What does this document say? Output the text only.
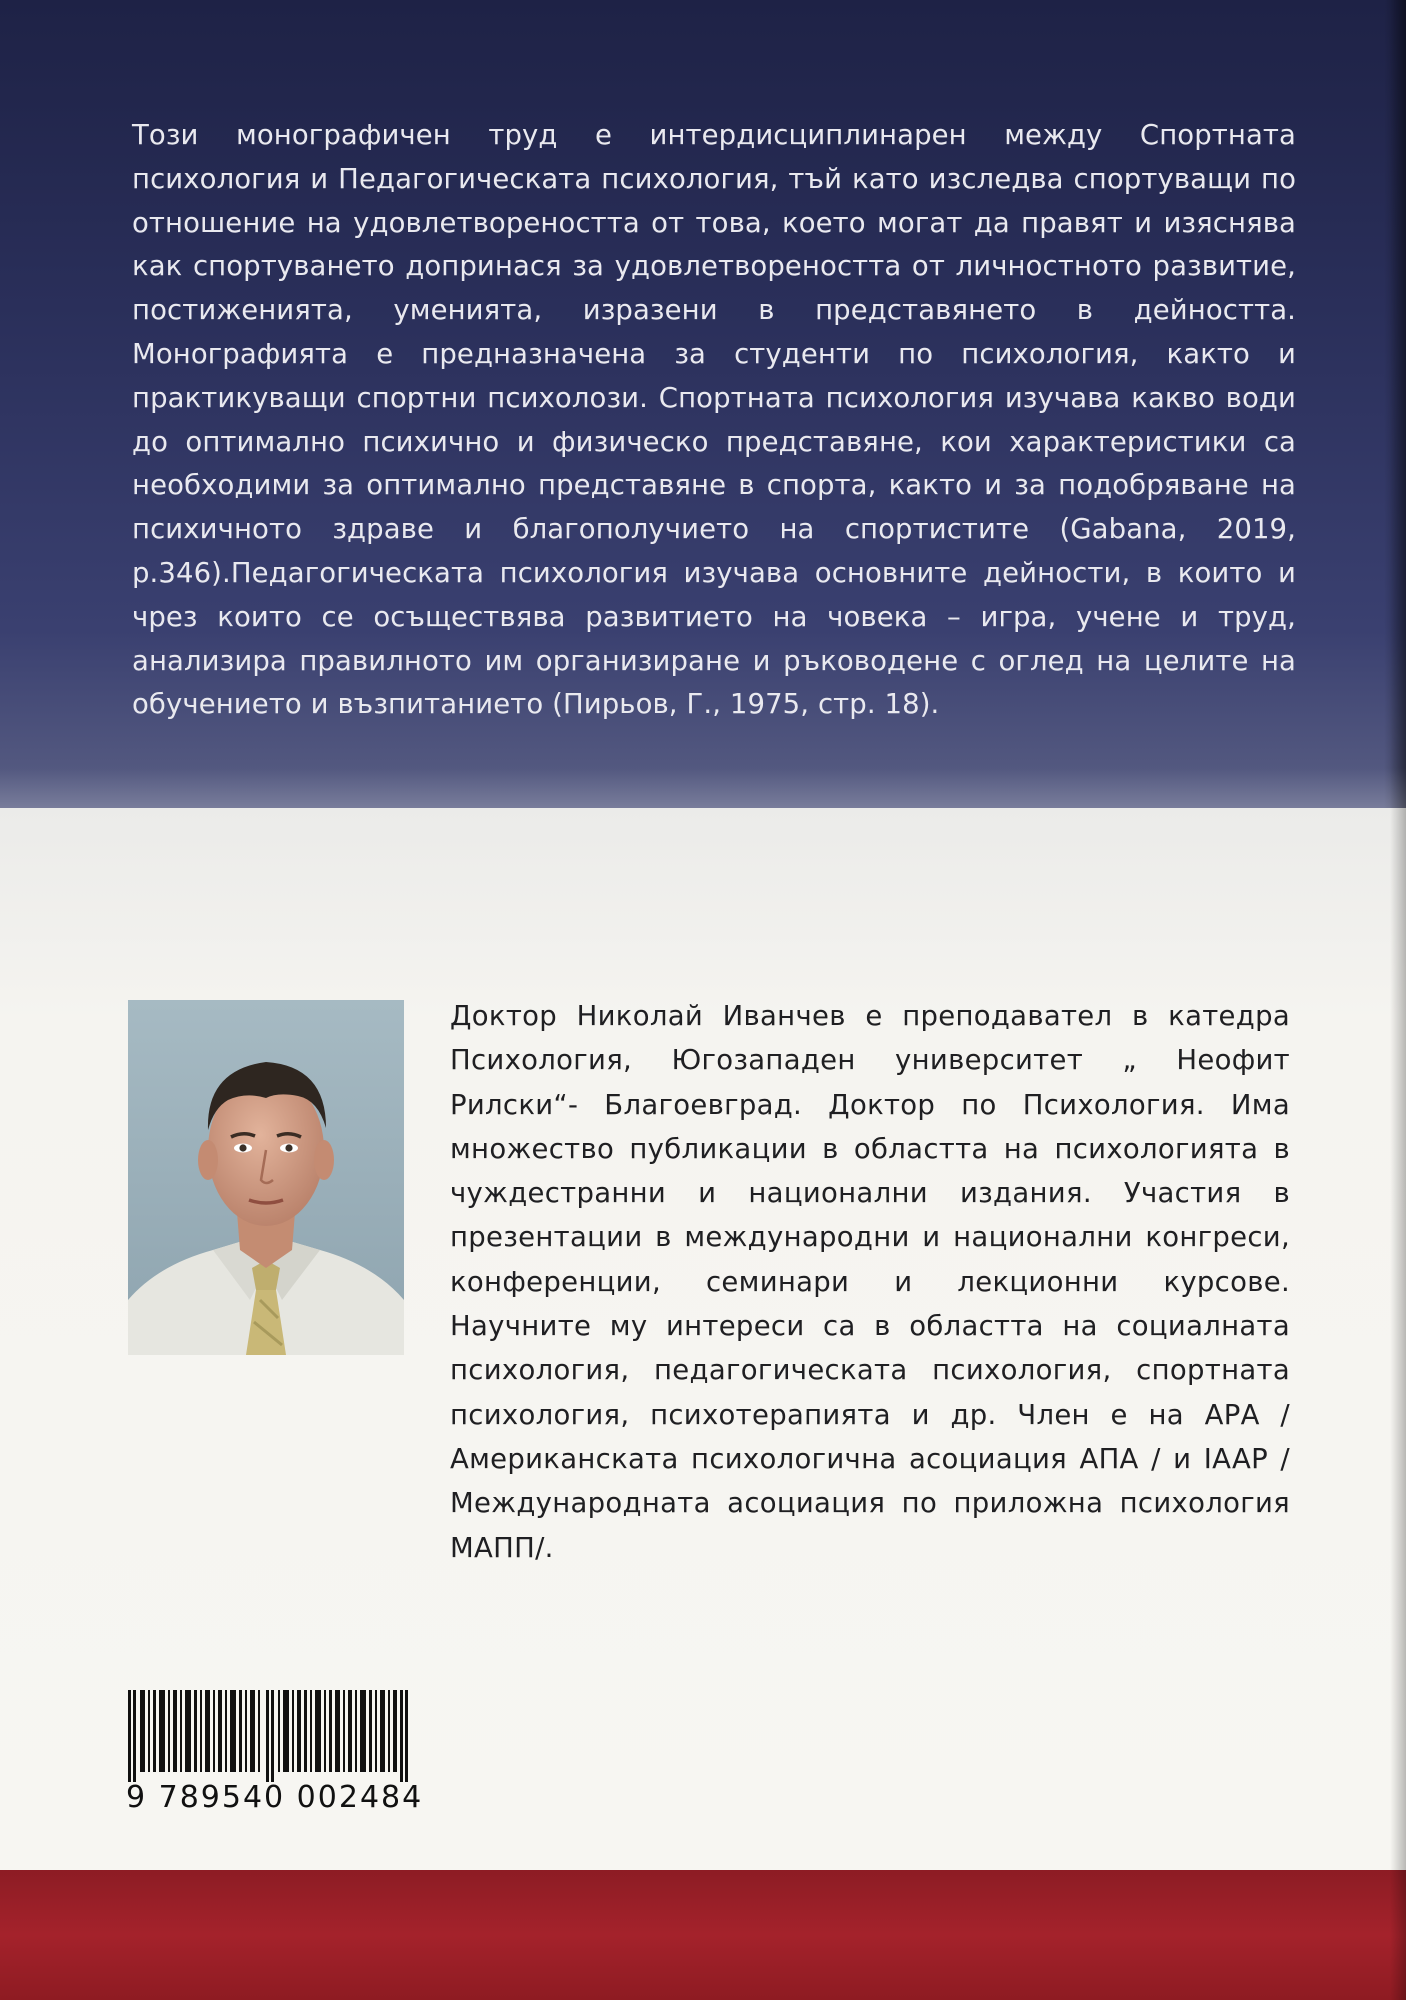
Този монографичен труд е интердисциплинарен между Спортната психология и Педагогическата психология, тъй като изследва спортуващи по отношение на удовлетвореността от това, което могат да правят и изяснява как спортуването допринася за удовлетвореността от личностното развитие, постиженията, уменията, изразени в представянето в дейността. Монографията е предназначена за студенти по психология, както и практикуващи спортни психолози. Спортната психология изучава какво води до оптимално психично и физическо представяне, кои характеристики са необходими за оптимално представяне в спорта, както и за подобряване на психичното здраве и благополучието на спортистите (Gabana, 2019, р.346).Педагогическата психология изучава основните дейности, в които и чрез които се осъществява развитието на човека – игра, учене и труд, анализира правилното им организиране и ръководене с оглед на целите на обучението и възпитанието (Пирьов, Г., 1975, стр. 18).

Доктор Николай Иванчев е преподавател в катедра Психология, Югозападен университет „ Неофит Рилски“- Благоевград. Доктор по Психология. Има множество публикации в областта на психологията в чуждестранни и национални издания. Участия в презентации в международни и национални конгреси, конференции, семинари и лекционни курсове. Научните му интереси са в областта на социалната психология, педагогическата психология, спортната психология, психотерапията и др. Член е на АРА /Американската психологична асоциация АПА / и IAAP /Международната асоциация по приложна психология МАПП/.

9 789540 002484
